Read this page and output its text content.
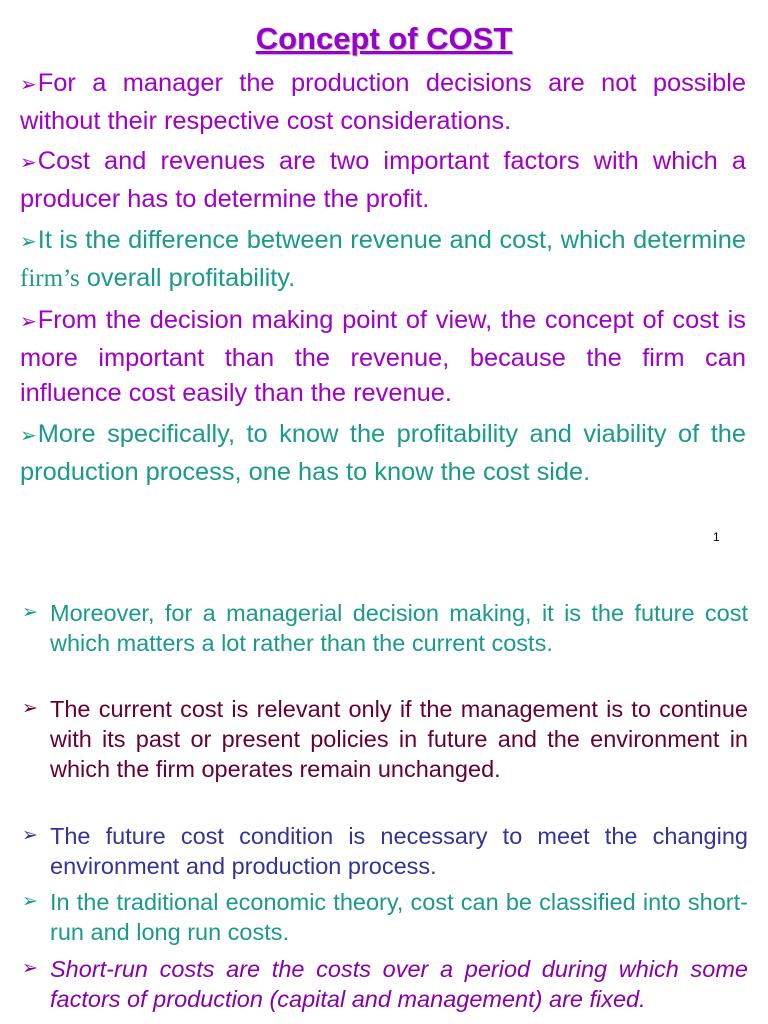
Concept of COST
➢For a manager the production decisions are not possible without their respective cost considerations.
➢Cost and revenues are two important factors with which a producer has to determine the profit.
➢It is the difference between revenue and cost, which determine firm’s overall profitability.
➢From the decision making point of view, the concept of cost is more important than the revenue, because the firm can influence cost easily than the revenue.
➢More specifically, to know the profitability and viability of the production process, one has to know the cost side.
1
➢ Moreover, for a managerial decision making, it is the future cost which matters a lot rather than the current costs.
➢ The current cost is relevant only if the management is to continue with its past or present policies in future and the environment in which the firm operates remain unchanged.
➢ The future cost condition is necessary to meet the changing environment and production process.
➢ In the traditional economic theory, cost can be classified into short-run and long run costs.
➢ Short-run costs are the costs over a period during which some factors of production (capital and management) are fixed.
